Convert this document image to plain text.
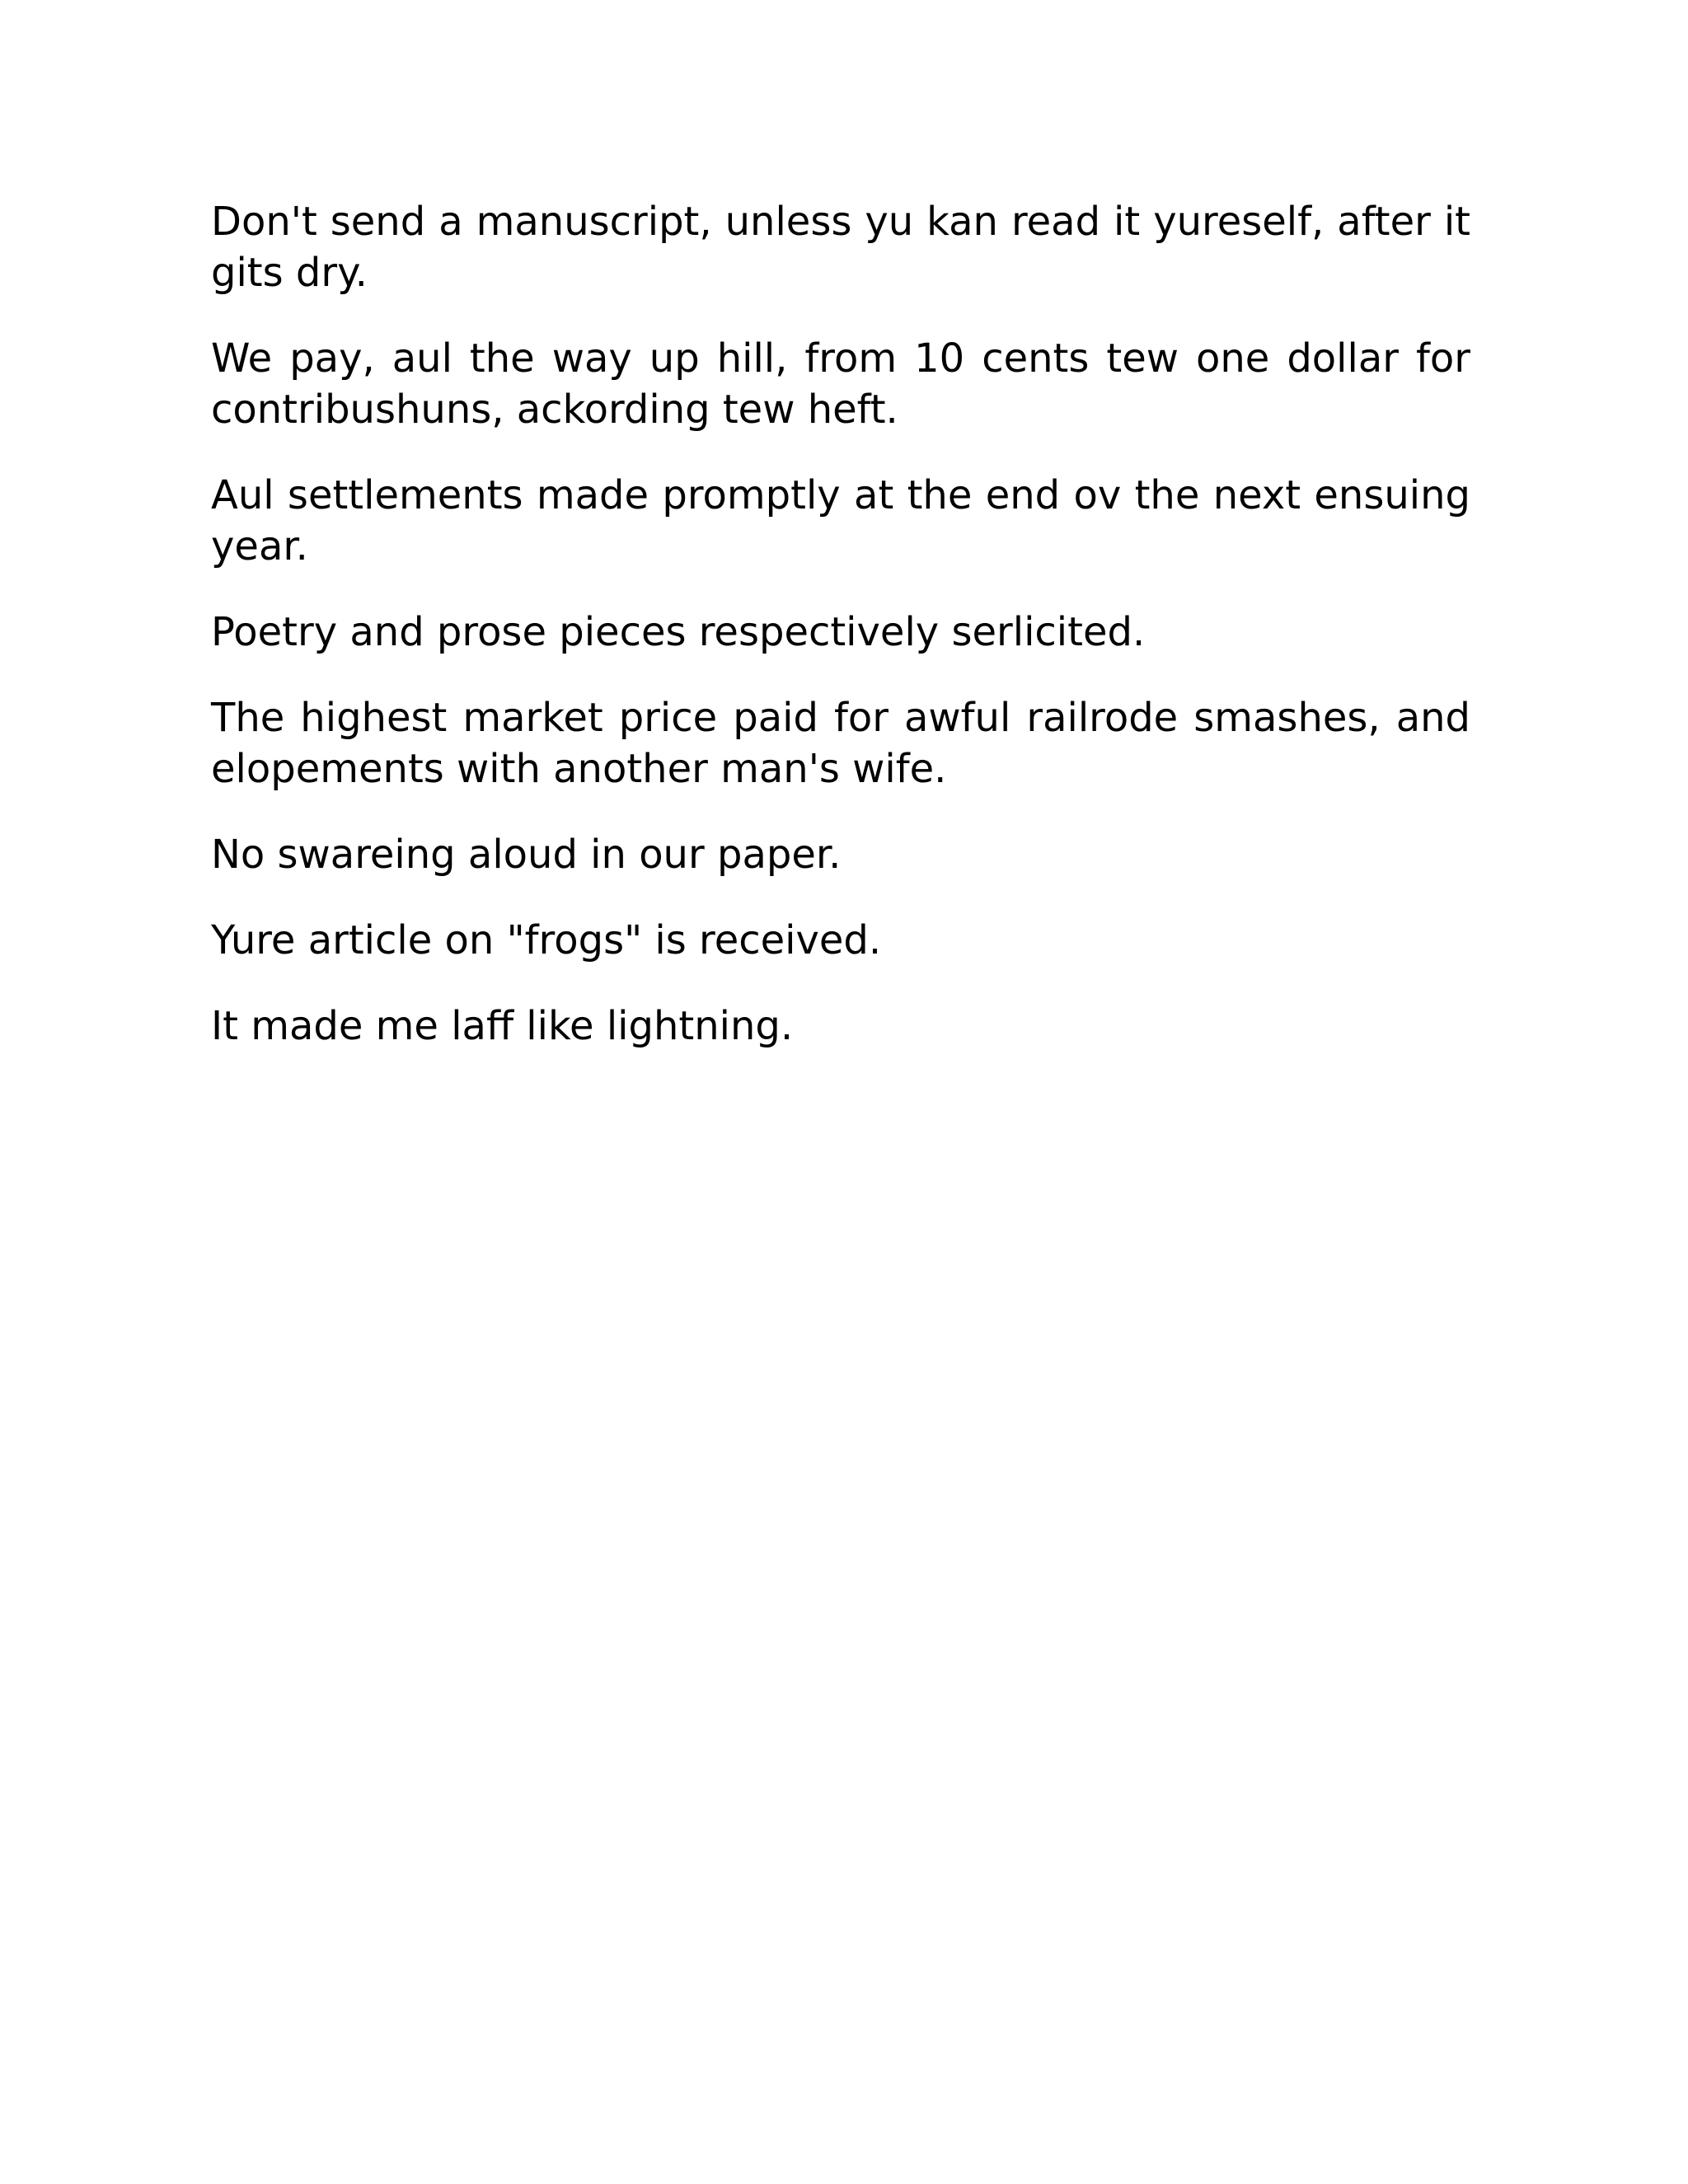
Don't send a manuscript, unless yu kan read it yureself, after it gits dry.

We pay, aul the way up hill, from 10 cents tew one dollar for contribushuns, ackording tew heft.

Aul settlements made promptly at the end ov the next ensuing year.

Poetry and prose pieces respectively serlicited.

The highest market price paid for awful railrode smashes, and elopements with another man's wife.

No swareing aloud in our paper.

Yure article on "frogs" is received.

It made me laff like lightning.
